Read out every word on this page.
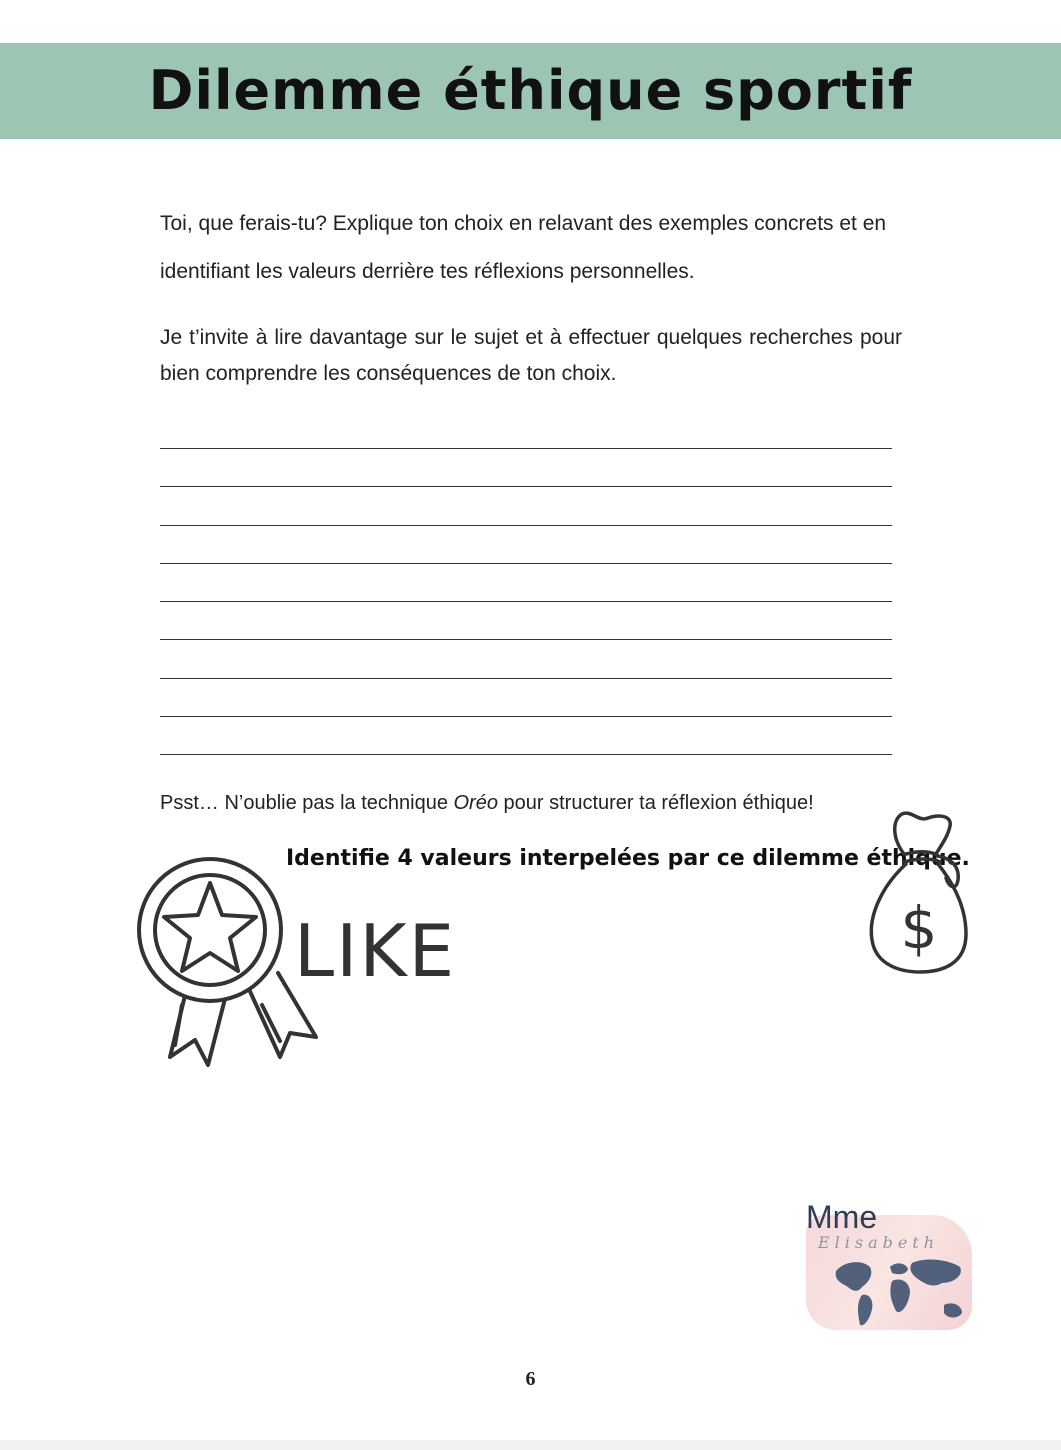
Dilemme éthique sportif
Toi, que ferais-tu? Explique ton choix en relavant des exemples concrets et en identifiant les valeurs derrière tes réflexions personnelles.
Je t’invite à lire davantage sur le sujet et à effectuer quelques recherches pour bien comprendre les conséquences de ton choix.
Psst… N’oublie pas la technique Oréo pour structurer ta réflexion éthique!
Identifie 4 valeurs interpelées par ce dilemme éthique.
LIKE	$
Mme
Elisabeth
6
